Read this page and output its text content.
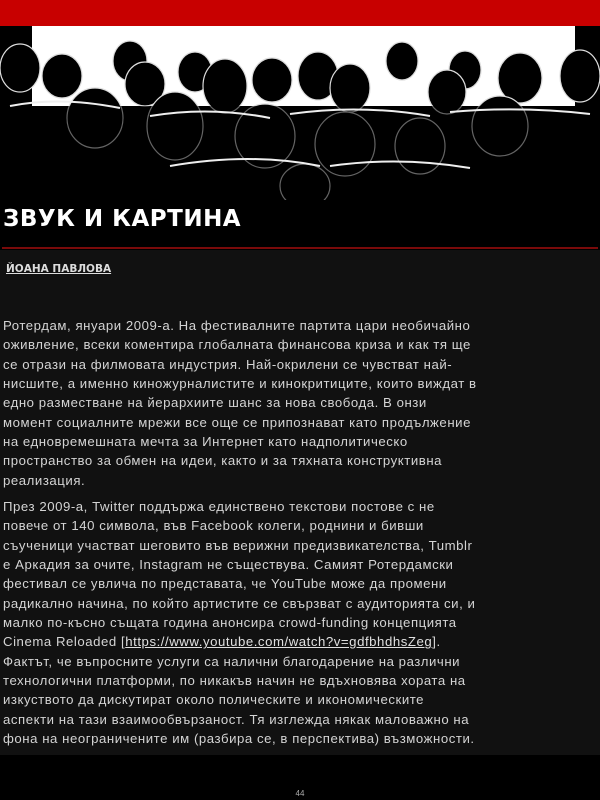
ЗВУК И КАРТИНА
ЙОАНА ПАВЛОВА
Ротердам, януари 2009-а. На фестивалните партита цари необичайно
оживление, всеки коментира глобалната финансова криза и как тя ще
се отрази на филмовата индустрия. Най-окрилени се чувстват най-
нисшите, а именно киножурналистите и кинокритиците, които виждат в
едно разместване на йерархиите шанс за нова свобода. В онзи
момент социалните мрежи все още се припознават като продължение
на едновремешната мечта за Интернет като надполитическо
пространство за обмен на идеи, както и за тяхната конструктивна
реализация.
През 2009-а, Twitter поддържа единствено текстови постове с не
повече от 140 символа, във Facebook колеги, роднини и бивши
съученици участват шеговито във верижни предизвикателства, Tumblr
е Аркадия за очите, Instagram не съществува. Самият Ротердамски
фестивал се увлича по представата, че YouTube може да промени
радикално начина, по който артистите се свързват с аудиторията си, и
малко по-късно същата година анонсира crowd-funding концепцията
Cinema Reloaded [https://www.youtube.com/watch?v=gdfbhdhsZeg].
Фактът, че въпросните услуги са налични благодарение на различни
технологични платформи, по никакъв начин не вдъхновява хората на
изкуството да дискутират около полическите и икономическите
аспекти на тази взаимообвързаност. Тя изглежда някак маловажно на
фона на неограничените им (разбира се, в перспектива) възможности.
44
